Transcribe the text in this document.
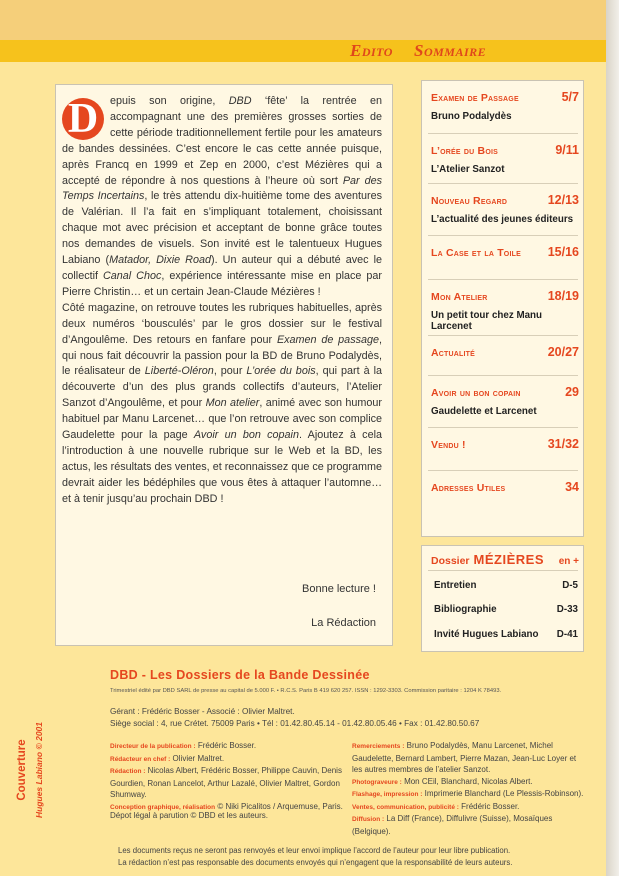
Edito Sommaire
D	epuis son origine, DBD ‘fête’ la rentrée en accompagnant une des premières grosses sorties de cette période traditionnellement fertile pour les amateurs de bandes dessinées. C’est encore le cas cette année puisque, après Francq en 1999 et Zep en 2000, c’est Mézières qui a accepté de répondre à nos questions à l’heure où sort Par des Temps Incertains, le très attendu dix-huitième tome des aventures de Valérian. Il l’a fait en s’impliquant totalement, choisissant chaque mot avec précision et acceptant de bonne grâce toutes nos demandes de visuels. Son invité est le talentueux Hugues Labiano (Matador, Dixie Road). Un auteur qui a débuté avec le collectif Canal Choc, expérience intéressante mise en place par Pierre Christin… et un certain Jean-Claude Mézières !

Côté magazine, on retrouve toutes les rubriques habituelles, après deux numéros ‘bousculés’ par le gros dossier sur le festival d’Angoulême. Des retours en fanfare pour Examen de passage, qui nous fait découvrir la passion pour la BD de Bruno Podalydès, le réalisateur de Liberté-Oléron, pour L’orée du bois, qui part à la découverte d’un des plus grands collectifs d’auteurs, l’Atelier Sanzot d’Angoulême, et pour Mon atelier, animé avec son humour habituel par Manu Larcenet… que l’on retrouve avec son complice Gaudelette pour la page Avoir un bon copain. Ajoutez à cela l’introduction à une nouvelle rubrique sur le Web et la BD, les actus, les résultats des ventes, et reconnaissez que ce programme devrait aider les bédéphiles que vous êtes à attaquer l’automne… et à tenir jusqu’au prochain DBD !

Bonne lecture !
La Rédaction
Examen de Passage	5/7
Bruno Podalydès
L’orée du Bois	9/11
L’Atelier Sanzot
Nouveau Regard	12/13
L’actualité des jeunes éditeurs
La Case et la Toile 15/16
Mon Atelier	18/19
Un petit tour chez Manu Larcenet
Actualité	20/27
Avoir un bon copain	29
Gaudelette et Larcenet
Vendu !	31/32
Adresses Utiles	34
Dossier MÉZIÈRES en +
Entretien	D-5
Bibliographie	D-33
Invité Hugues Labiano D-41
Couverture Hugues Labiano © 2001
DBD - Les Dossiers de la Bande Dessinée
Trimestriel édité par DBD SARL de presse au capital de 5.000 F. • R.C.S. Paris B 419 620 257. ISSN : 1292-3303. Commission paritaire : 1204 K 78493.
Gérant : Frédéric Bosser - Associé : Olivier Maltret.
Siège social : 4, rue Crétet. 75009 Paris • Tél : 01.42.80.45.14 - 01.42.80.05.46 • Fax : 01.42.80.50.67
Directeur de la publication : Frédéric Bosser.
Rédacteur en chef : Olivier Maltret.
Rédaction : Nicolas Albert, Frédéric Bosser, Philippe Cauvin, Denis Gourdien, Ronan Lancelot, Arthur Lazalé, Olivier Maltret, Gordon Shumway.
Conception graphique, réalisation © Niki Picalitos / Arquemuse, Paris.
Dépot légal à parution © DBD et les auteurs.
Remerciements : Bruno Podalydès, Manu Larcenet, Michel Gaudelette, Bernard Lambert, Pierre Mazan, Jean-Luc Loyer et les autres membres de l’atelier Sanzot.
Photograveure : Mon CEil, Blanchard, Nicolas Albert.
Flashage, impression : Imprimerie Blanchard (Le Plessis-Robinson).
Ventes, communication, publicité : Frédéric Bosser.
Diffusion : La Diff (France), Diffulivre (Suisse), Mosaïques (Belgique).
Les documents reçus ne seront pas renvoyés et leur envoi implique l’accord de l’auteur pour leur libre publication.
La rédaction n’est pas responsable des documents envoyés qui n’engagent que la responsabilité de leurs auteurs.
